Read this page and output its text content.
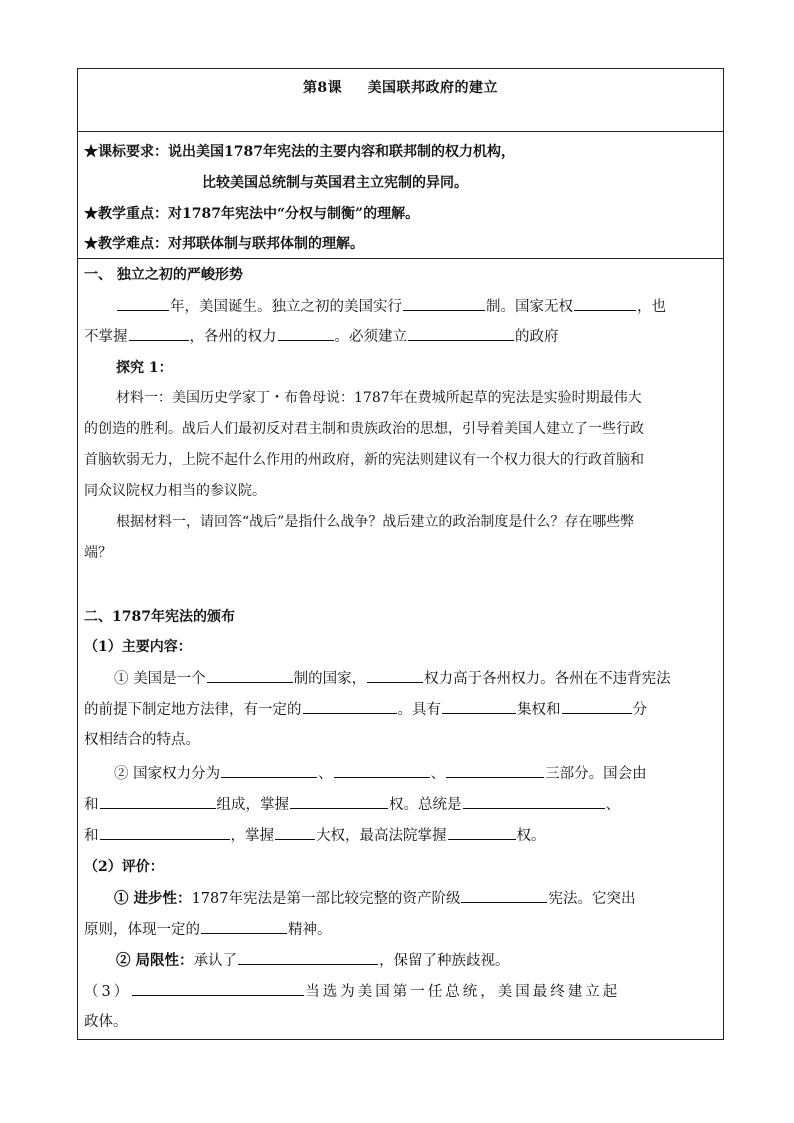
第8课 美国联邦政府的建立
★课标要求：说出美国1787年宪法的主要内容和联邦制的权力机构，
比较美国总统制与英国君主立宪制的异同。
★教学重点：对1787年宪法中“分权与制衡”的理解。
★教学难点：对邦联体制与联邦体制的理解。
一、 独立之初的严峻形势
年，美国诞生。独立之初的美国实行	制。国家无权	，也
不掌握	，各州的权力	。必须建立	的政府
探究 1：
材料一：美国历史学家丁・布鲁母说：1787年在费城所起草的宪法是实验时期最伟大
的创造的胜利。战后人们最初反对君主制和贵族政治的思想，引导着美国人建立了一些行政
首脑软弱无力，上院不起什么作用的州政府，新的宪法则建议有一个权力很大的行政首脑和
同众议院权力相当的参议院。
根据材料一，请回答“战后”是指什么战争？战后建立的政治制度是什么？存在哪些弊
端？
二、1787年宪法的颁布
（1）主要内容：
① 美国是一个	制的国家，	权力高于各州权力。各州在不违背宪法
的前提下制定地方法律，有一定的	。具有	集权和	分
权相结合的特点。
② 国家权力分为	、	、	三部分。国会由
和	组成，掌握	权。总统是	、
和	，掌握	大权，最高法院掌握	权。
（2）评价：
① 进步性：1787年宪法是第一部比较完整的资产阶级	宪法。它突出
原则，体现一定的	精神。
② 局限性：承认了	，保留了种族歧视。
（3）	当选为美国第一任总统，美国最终建立起
政体。
